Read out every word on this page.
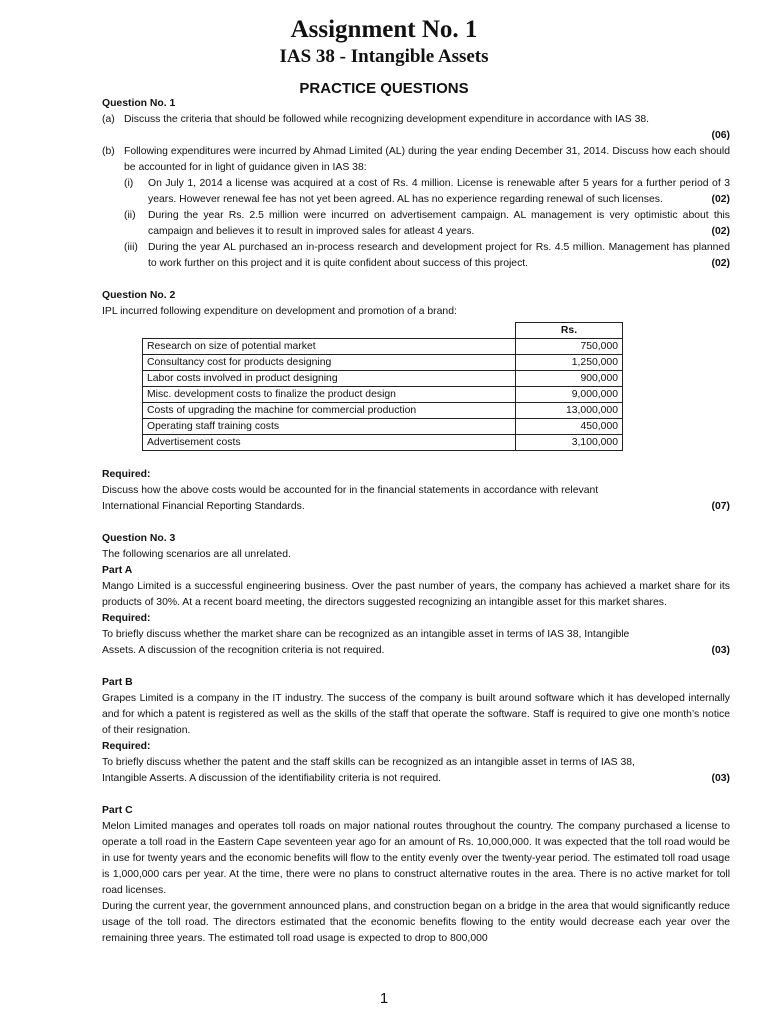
Assignment No. 1
IAS 38 - Intangible Assets
PRACTICE QUESTIONS

Question No. 1

(a) Discuss the criteria that should be followed while recognizing development expenditure in accordance with IAS 38.

(06)

(b) Following expenditures were incurred by Ahmad Limited (AL) during the year ending December 31, 2014. Discuss how each should be accounted for in light of guidance given in IAS 38:
(i)	On July 1, 2014 a license was acquired at a cost of Rs. 4 million. License is renewable after 5 years for a further period of 3 years. However renewal fee has not yet been agreed. AL has no experience regarding renewal of such licenses.	(02)
(ii)	During the year Rs. 2.5 million were incurred on advertisement campaign. AL management is very optimistic about this campaign and believes it to result in improved sales for atleast 4 years.	(02)
(iii) During the year AL purchased an in-process research and development project for Rs. 4.5 million. Management has planned to work further on this project and it is quite confident about success of this project.	(02)

Question No. 2

IPL incurred following expenditure on development and promotion of a brand:

	Rs.
Research on size of potential market	750,000
Consultancy cost for products designing	1,250,000
Labor costs involved in product designing	900,000
Misc. development costs to finalize the product design	9,000,000
Costs of upgrading the machine for commercial production	13,000,000
Operating staff training costs	450,000
Advertisement costs	3,100,000

Required:

Discuss how the above costs would be accounted for in the financial statements in accordance with relevant

International Financial Reporting Standards.	(07)

Question No. 3

The following scenarios are all unrelated.

Part A

Mango Limited is a successful engineering business. Over the past number of years, the company has achieved a market share for its products of 30%. At a recent board meeting, the directors suggested recognizing an intangible asset for this market shares.

Required:

To briefly discuss whether the market share can be recognized as an intangible asset in terms of IAS 38, Intangible

Assets. A discussion of the recognition criteria is not required.	(03)

Part B

Grapes Limited is a company in the IT industry. The success of the company is built around software which it has developed internally and for which a patent is registered as well as the skills of the staff that operate the software. Staff is required to give one month’s notice of their resignation.

Required:

To briefly discuss whether the patent and the staff skills can be recognized as an intangible asset in terms of IAS 38,

Intangible Asserts. A discussion of the identifiability criteria is not required.	(03)

Part C

Melon Limited manages and operates toll roads on major national routes throughout the country. The company purchased a license to operate a toll road in the Eastern Cape seventeen year ago for an amount of Rs. 10,000,000. It was expected that the toll road would be in use for twenty years and the economic benefits will flow to the entity evenly over the twenty-year period. The estimated toll road usage is 1,000,000 cars per year. At the time, there were no plans to construct alternative routes in the area. There is no active market for toll road licenses.

During the current year, the government announced plans, and construction began on a bridge in the area that would significantly reduce usage of the toll road. The directors estimated that the economic benefits flowing to the entity would decrease each year over the remaining three years. The estimated toll road usage is expected to drop to 800,000

1
